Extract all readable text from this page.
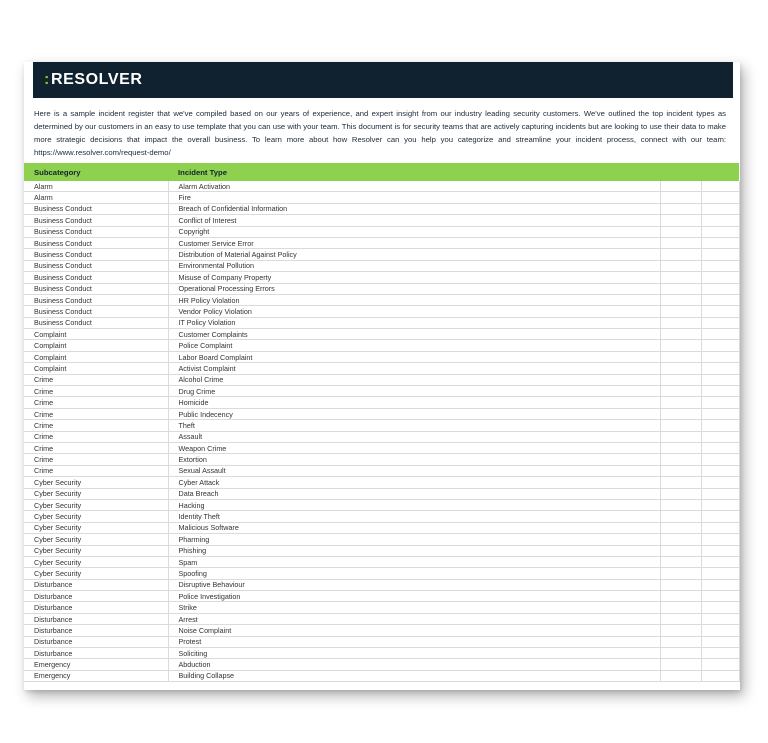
:RESOLVER

Here is a sample incident register that we've compiled based on our years of experience, and expert insight from our industry leading security customers. We've outlined the top incident types as determined by our customers in an easy to use template that you can use with your team. This document is for security teams that are actively capturing incidents but are looking to use their data to make more strategic decisions that impact the overall business. To learn more about how Resolver can you help you categorize and streamline your incident process, connect with our team: https://www.resolver.com/request-demo/

Subcategory	Incident Type		
Alarm	Alarm Activation		
Alarm	Fire		
Business Conduct	Breach of Confidential Information		
Business Conduct	Conflict of Interest		
Business Conduct	Copyright		
Business Conduct	Customer Service Error		
Business Conduct	Distribution of Material Against Policy		
Business Conduct	Environmental Pollution		
Business Conduct	Misuse of Company Property		
Business Conduct	Operational Processing Errors		
Business Conduct	HR Policy Violation		
Business Conduct	Vendor Policy Violation		
Business Conduct	IT Policy Violation		
Complaint	Customer Complaints		
Complaint	Police Complaint		
Complaint	Labor Board Complaint		
Complaint	Activist Complaint		
Crime	Alcohol Crime		
Crime	Drug Crime		
Crime	Homicide		
Crime	Public Indecency		
Crime	Theft		
Crime	Assault		
Crime	Weapon Crime		
Crime	Extortion		
Crime	Sexual Assault		
Cyber Security	Cyber Attack		
Cyber Security	Data Breach		
Cyber Security	Hacking		
Cyber Security	Identity Theft		
Cyber Security	Malicious Software		
Cyber Security	Pharming		
Cyber Security	Phishing		
Cyber Security	Spam		
Cyber Security	Spoofing		
Disturbance	Disruptive Behaviour		
Disturbance	Police Investigation		
Disturbance	Strike		
Disturbance	Arrest		
Disturbance	Noise Complaint		
Disturbance	Protest		
Disturbance	Soliciting		
Emergency	Abduction		
Emergency	Building Collapse		
